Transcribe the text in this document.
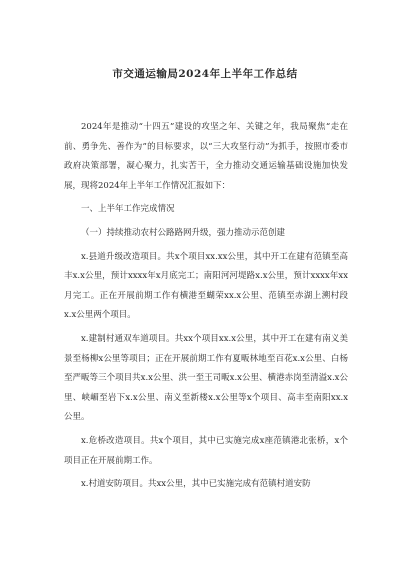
市交通运输局2024年上半年工作总结

2024年是推动“十四五”建设的攻坚之年、关键之年，我局聚焦“走在前、勇争先、善作为”的目标要求，以“三大攻坚行动”为抓手，按照市委市政府决策部署，凝心聚力，扎实苦干，全力推动交通运输基础设施加快发展，现将2024年上半年工作情况汇报如下：

一、上半年工作完成情况

（一）持续推动农村公路路网升级，强力推动示范创建

x.县道升级改造项目。共x个项目xx.xx公里，其中开工在建有范镇至高丰x.x公里，预计xxxx年x月底完工；南阳河河堤路x.x公里，预计xxxx年xx月完工。正在开展前期工作有横港至蝴荣xx.x公里、范镇至赤湖上溯村段x.x公里两个项目。

x.建制村通双车道项目。共xx个项目xx.x公里，其中开工在建有南义美景至杨柳x公里等项目；正在开展前期工作有夏畈林地至百花x.x公里、白杨至严畈等三个项目共x.x公里、洪一至王司畈x.x公里、横港赤岗至清溢x.x公里、峡嵋至岩下x.x公里、南义至新楼x.x公里等x个项目、高丰至南阳xx.x公里。

x.危桥改造项目。共x个项目，其中已实施完成x座范镇港北张桥，x个项目正在开展前期工作。

x.村道安防项目。共xx公里，其中已实施完成有范镇村道安防
